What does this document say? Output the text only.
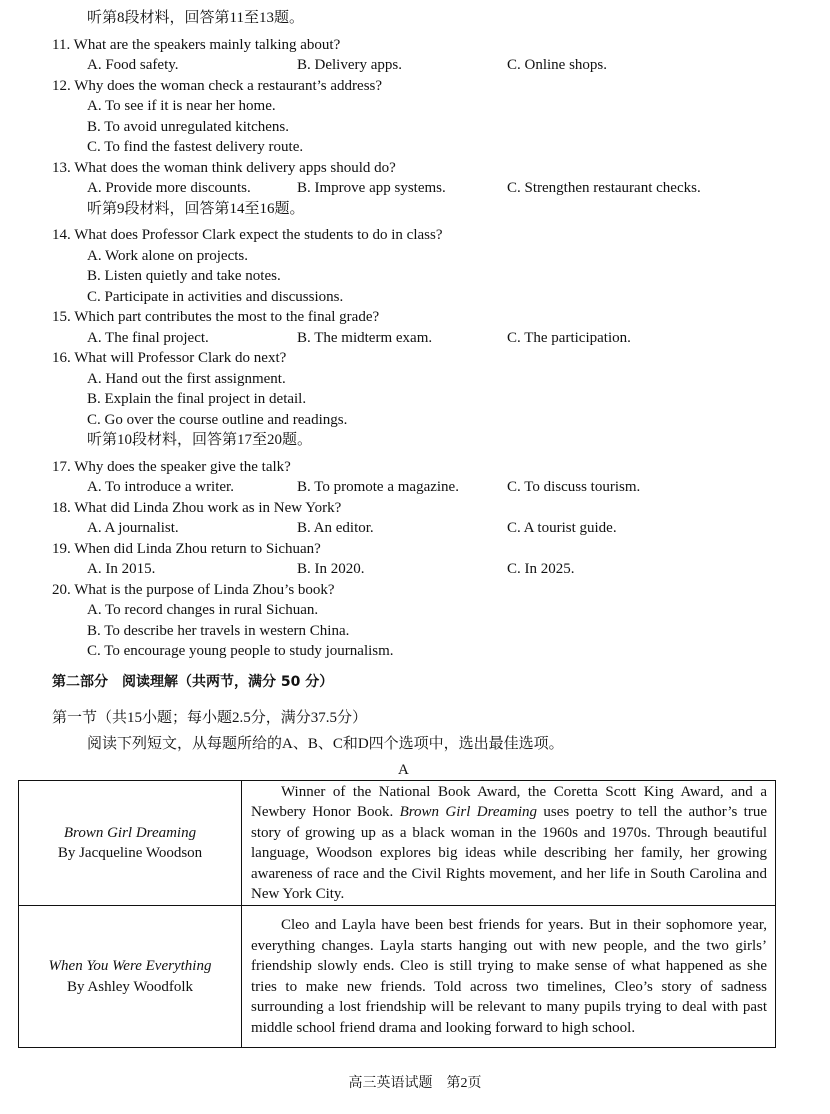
听第8段材料，回答第11至13题。
11. What are the speakers mainly talking about?
A. Food safety.	B. Delivery apps.	C. Online shops.
12. Why does the woman check a restaurant’s address?
A. To see if it is near her home.
B. To avoid unregulated kitchens.
C. To find the fastest delivery route.
13. What does the woman think delivery apps should do?
A. Provide more discounts.	B. Improve app systems.	C. Strengthen restaurant checks.
听第9段材料，回答第14至16题。
14. What does Professor Clark expect the students to do in class?
A. Work alone on projects.
B. Listen quietly and take notes.
C. Participate in activities and discussions.
15. Which part contributes the most to the final grade?
A. The final project.	B. The midterm exam.	C. The participation.
16. What will Professor Clark do next?
A. Hand out the first assignment.
B. Explain the final project in detail.
C. Go over the course outline and readings.
听第10段材料，回答第17至20题。
17. Why does the speaker give the talk?
A. To introduce a writer.	B. To promote a magazine.	C. To discuss tourism.
18. What did Linda Zhou work as in New York?
A. A journalist.	B. An editor.	C. A tourist guide.
19. When did Linda Zhou return to Sichuan?
A. In 2015.	B. In 2020.	C. In 2025.
20. What is the purpose of Linda Zhou’s book?
A. To record changes in rural Sichuan.
B. To describe her travels in western China.
C. To encourage young people to study journalism.
第二部分　阅读理解（共两节，满分 50 分）
第一节（共15小题；每小题2.5分，满分37.5分）
阅读下列短文，从每题所给的A、B、C和D四个选项中，选出最佳选项。
A
Brown Girl Dreaming
By Jacqueline Woodson	Winner of the National Book Award, the Coretta Scott King Award, and a Newbery Honor Book. Brown Girl Dreaming uses poetry to tell the author’s true story of growing up as a black woman in the 1960s and 1970s. Through beautiful language, Woodson explores big ideas while describing her family, her growing awareness of race and the Civil Rights movement, and her life in South Carolina and New York City.

When You Were Everything
By Ashley Woodfolk	Cleo and Layla have been best friends for years. But in their sophomore year, everything changes. Layla starts hanging out with new people, and the two girls’ friendship slowly ends. Cleo is still trying to make sense of what happened as she tries to make new friends. Told across two timelines, Cleo’s story of sadness surrounding a lost friendship will be relevant to many pupils trying to deal with past middle school friend drama and looking forward to high school.

高三英语试题　第2页
